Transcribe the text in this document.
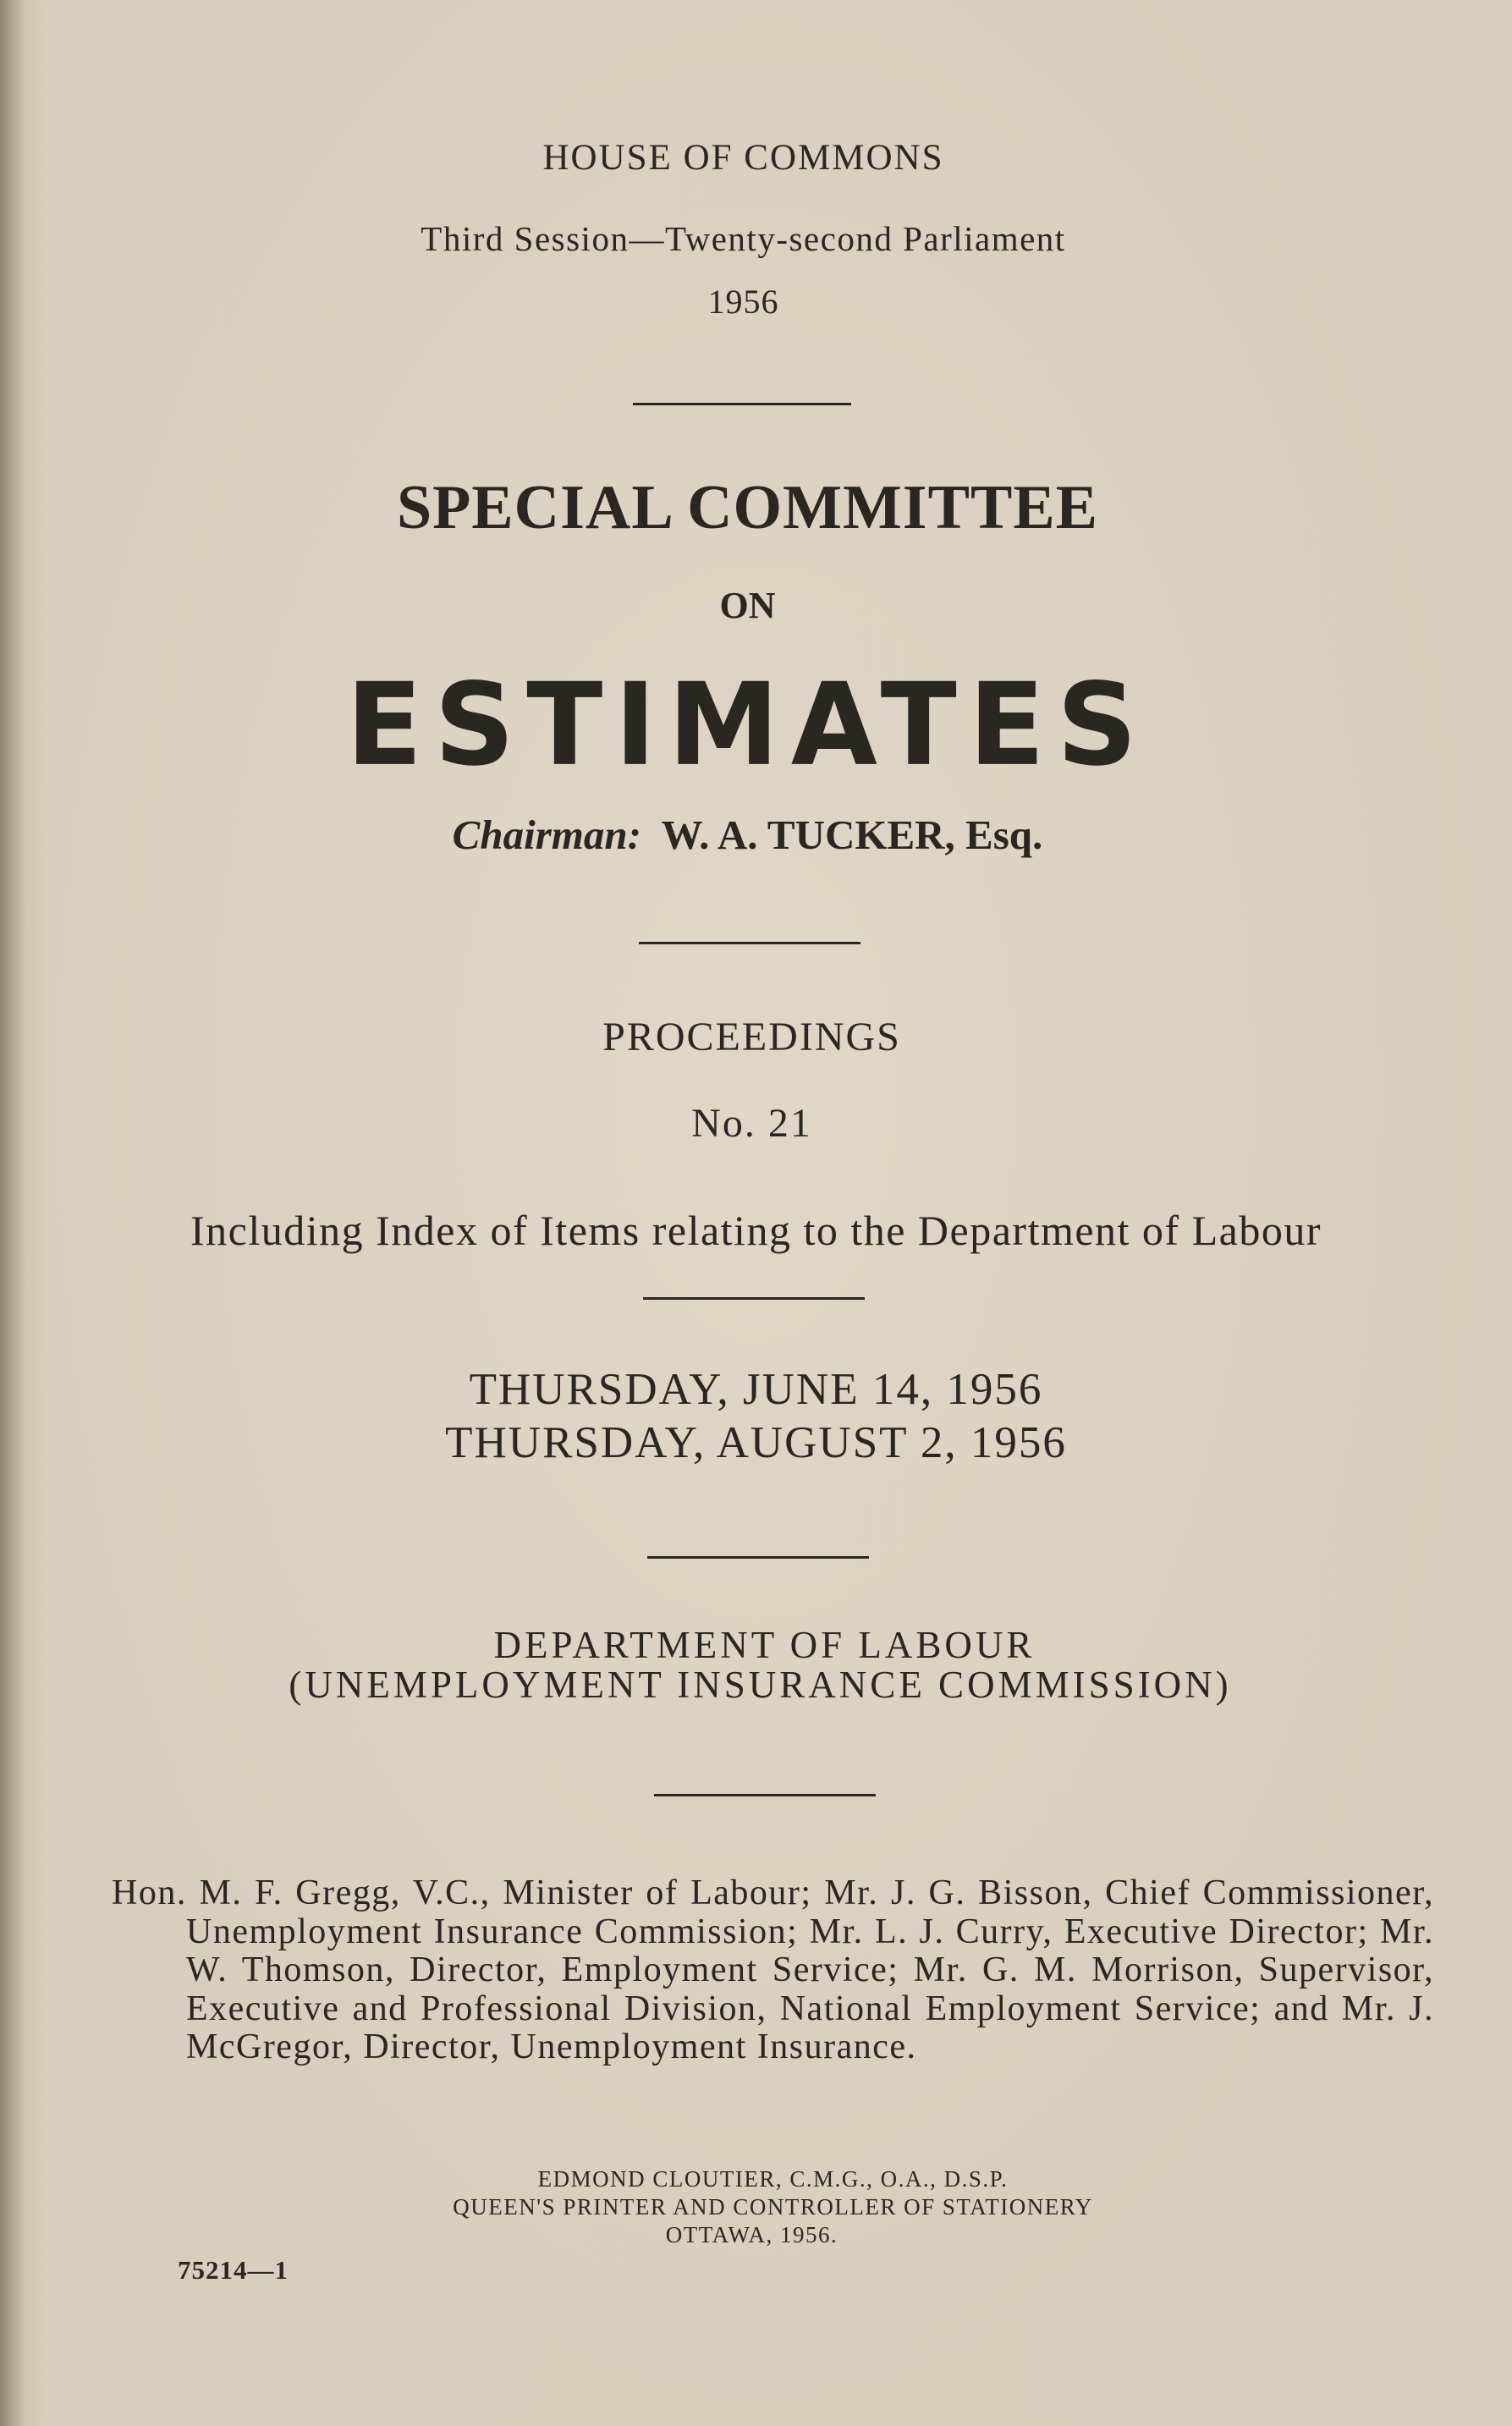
HOUSE OF COMMONS
Third Session—Twenty-second Parliament
1956
SPECIAL COMMITTEE
ON
ESTIMATES
Chairman: W. A. TUCKER, Esq.
PROCEEDINGS
No. 21
Including Index of Items relating to the Department of Labour
THURSDAY, JUNE 14, 1956
THURSDAY, AUGUST 2, 1956
DEPARTMENT OF LABOUR
(UNEMPLOYMENT INSURANCE COMMISSION)
Hon. M. F. Gregg, V.C., Minister of Labour; Mr. J. G. Bisson, Chief Commissioner, Unemployment Insurance Commission; Mr. L. J. Curry, Executive Director; Mr. W. Thomson, Director, Employment Service; Mr. G. M. Morrison, Supervisor, Executive and Professional Division, National Employment Service; and Mr. J. McGregor, Director, Unemployment Insurance.
EDMOND CLOUTIER, C.M.G., O.A., D.S.P.
QUEEN'S PRINTER AND CONTROLLER OF STATIONERY
OTTAWA, 1956.
75214—1
